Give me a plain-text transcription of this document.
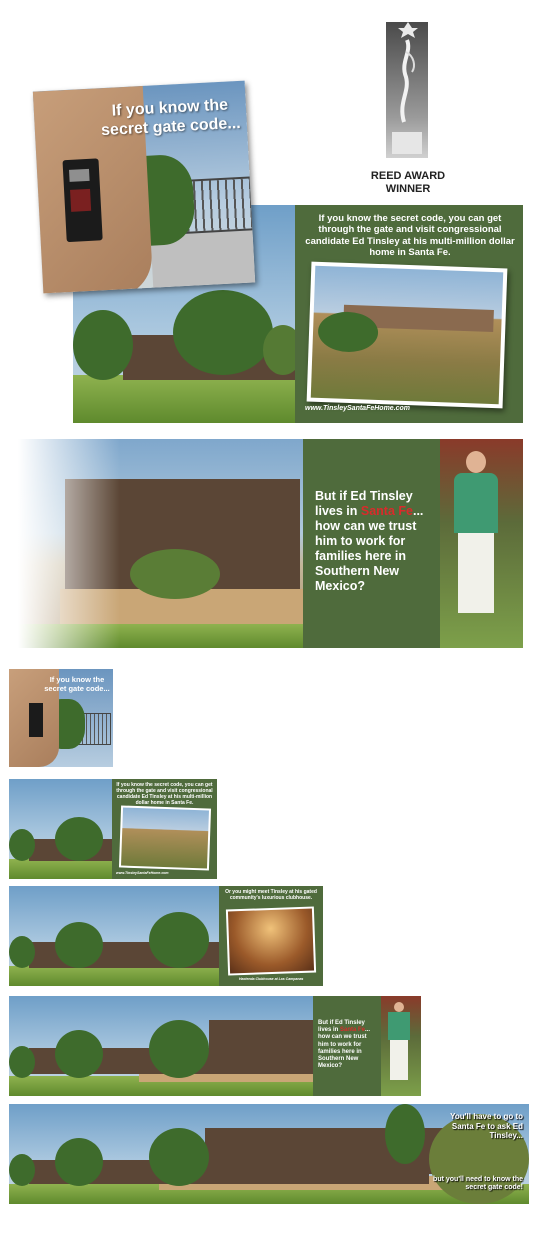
REED AWARD
WINNER
If you know the secret code, you can get through the gate and visit congressional candidate Ed Tinsley at his multi-million dollar home in Santa Fe.
www.TinsleySantaFeHome.com
If you know the secret gate code...
But if Ed Tinsley lives in Santa Fe... how can we trust him to work for families here in Southern New Mexico?
If you know the secret gate code...
If you know the secret code, you can get through the gate and visit congressional candidate Ed Tinsley at his multi-million dollar home in Santa Fe.
www.TinsleySantaFeHome.com
Or you might meet Tinsley at his gated community's luxurious clubhouse.
Hacienda Clubhouse at Las Campanas
But if Ed Tinsley lives in Santa Fe... how can we trust him to work for families here in Southern New Mexico?
You'll have to go to Santa Fe to ask Ed Tinsley...
but you'll need to know the secret gate code!
